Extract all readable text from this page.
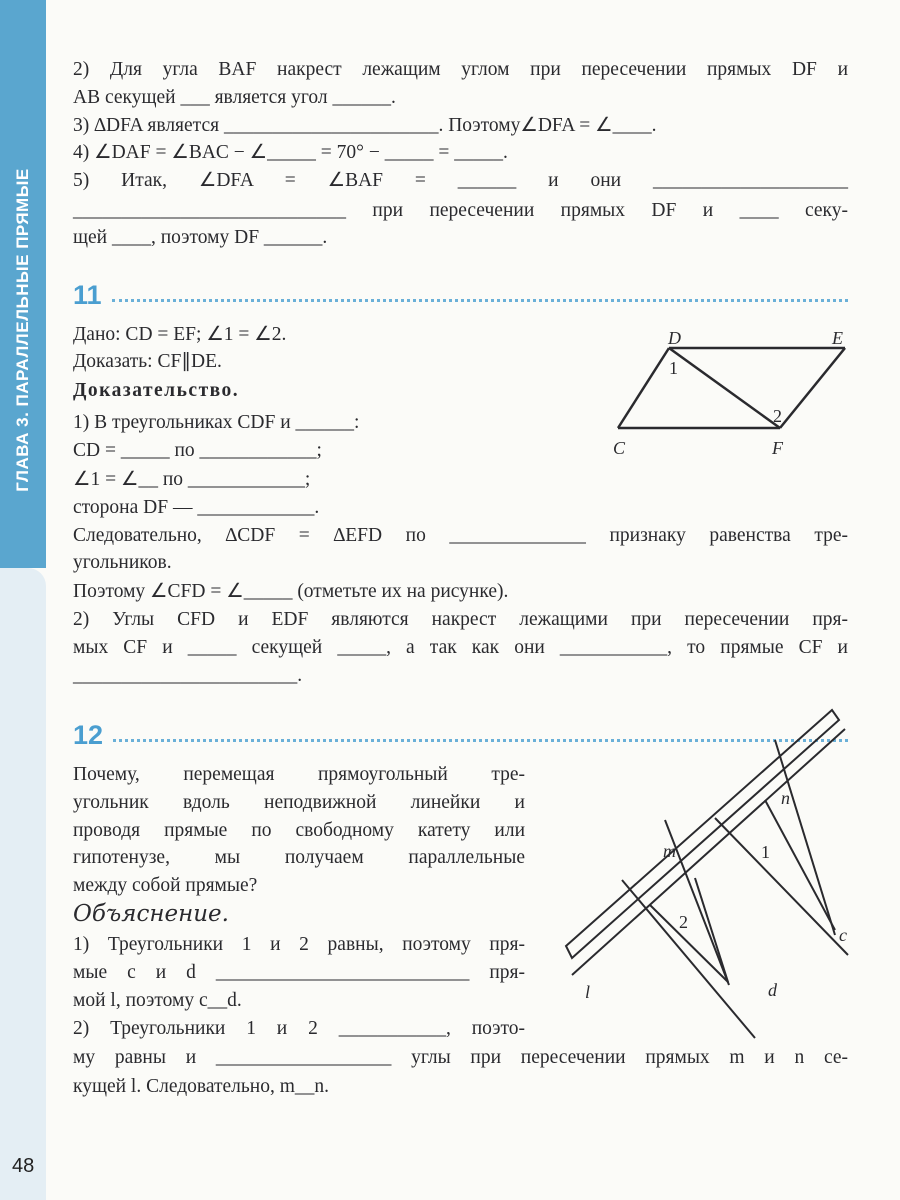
ГЛАВА 3. ПАРАЛЛЕЛЬНЫЕ ПРЯМЫЕ
48
2) Для угла BAF накрест лежащим углом при пересечении прямых DF и
AB секущей ___ является угол ______.
3) ∆DFA является ______________________. Поэтому∠DFA = ∠____.
4) ∠DAF = ∠BAC − ∠_____ = 70° − _____ = _____.
5) Итак, ∠DFA = ∠BAF = ______ и они ____________________
____________________________ при пересечении прямых DF и ____ секу-
щей ____, поэтому DF ______.
11
Дано: CD = EF; ∠1 = ∠2.
Доказать: CF∥DE.
Доказательство.
1) В треугольниках CDF и ______:
CD = _____ по ____________;
∠1 = ∠__ по ____________;
сторона DF — ____________.
Следовательно, ∆CDF = ∆EFD по ______________ признаку равенства тре-
угольников.
Поэтому ∠CFD = ∠_____ (отметьте их на рисунке).
2) Углы CFD и EDF являются накрест лежащими при пересечении пря-
мых CF и _____ секущей _____, а так как они ___________, то прямые CF и
_______________________.
12
Почему, перемещая прямоугольный тре-
угольник вдоль неподвижной линейки и
проводя прямые по свободному катету или
гипотенузе, мы получаем параллельные
между собой прямые?
Объяснение.
1) Треугольники 1 и 2 равны, поэтому пря-
мые c и d __________________________ пря-
мой l, поэтому c__d.
2) Треугольники 1 и 2 ___________, поэто-
му равны и __________________ углы при пересечении прямых m и n се-
кущей l. Следовательно, m__n.
D	E
C	F
1
2
n
m	1
2
c
d
l
